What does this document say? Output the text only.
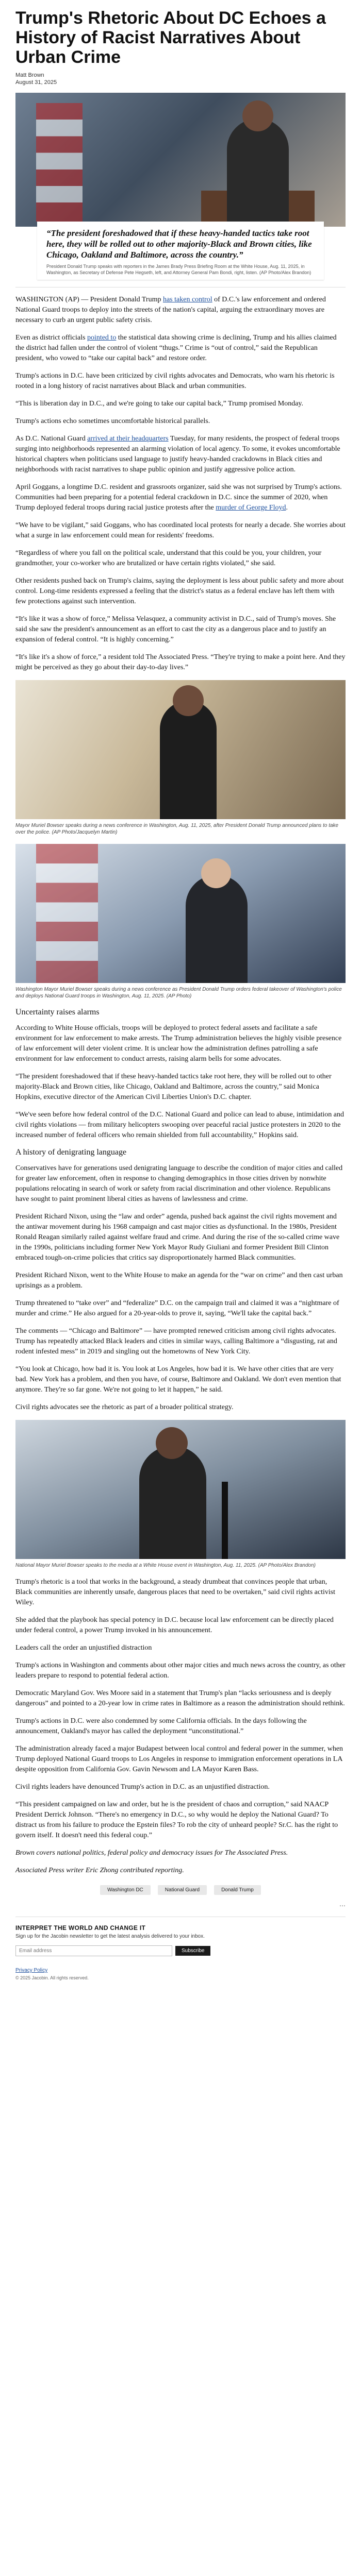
Trump's Rhetoric About DC Echoes a History of Racist Narratives About Urban Crime
Matt Brown
August 31, 2025

“The president foreshadowed that if these heavy-handed tactics take root here, they will be rolled out to other majority-Black and Brown cities, like Chicago, Oakland and Baltimore, across the country.”

President Donald Trump speaks with reporters in the James Brady Press Briefing Room at the White House, Aug. 11, 2025, in Washington, as Secretary of Defense Pete Hegseth, left, and Attorney General Pam Bondi, right, listen. (AP Photo/Alex Brandon)

WASHINGTON (AP) — President Donald Trump has taken control of D.C.'s law enforcement and ordered National Guard troops to deploy into the streets of the nation's capital, arguing the extraordinary moves are necessary to curb an urgent public safety crisis.

Even as district officials pointed to the statistical data showing crime is declining, Trump and his allies claimed the district had fallen under the control of violent “thugs.” Crime is “out of control,” said the Republican president, who vowed to “take our capital back” and restore order.

Trump's actions in D.C. have been criticized by civil rights advocates and Democrats, who warn his rhetoric is rooted in a long history of racist narratives about Black and urban communities.

“This is liberation day in D.C., and we're going to take our capital back,” Trump promised Monday.

Trump's actions echo sometimes uncomfortable historical parallels.

As D.C. National Guard arrived at their headquarters Tuesday, for many residents, the prospect of federal troops surging into neighborhoods represented an alarming violation of local agency. To some, it evokes uncomfortable historical chapters when politicians used language to justify heavy-handed crackdowns in Black cities and neighborhoods with racist narratives to shape public opinion and justify aggressive police action.

April Goggans, a longtime D.C. resident and grassroots organizer, said she was not surprised by Trump's actions. Communities had been preparing for a potential federal crackdown in D.C. since the summer of 2020, when Trump deployed federal troops during racial justice protests after the murder of George Floyd.

“We have to be vigilant,” said Goggans, who has coordinated local protests for nearly a decade. She worries about what a surge in law enforcement could mean for residents' freedoms.

“Regardless of where you fall on the political scale, understand that this could be you, your children, your grandmother, your co-worker who are brutalized or have certain rights violated,” she said.

Other residents pushed back on Trump's claims, saying the deployment is less about public safety and more about control. Long-time residents expressed a feeling that the district's status as a federal enclave has left them with few protections against such intervention.

“It's like it was a show of force,” Melissa Velasquez, a community activist in D.C., said of Trump's moves. She said she saw the president's announcement as an effort to cast the city as a dangerous place and to justify an expansion of federal control. “It is highly concerning.”

“It's like it's a show of force,” a resident told The Associated Press. “They're trying to make a point here. And they might be perceived as they go about their day-to-day lives.”

Mayor Muriel Bowser speaks during a news conference in Washington, Aug. 11, 2025, after President Donald Trump announced plans to take over the police. (AP Photo/Jacquelyn Martin)

Washington Mayor Muriel Bowser speaks during a news conference as President Donald Trump orders federal takeover of Washington's police and deploys National Guard troops in Washington, Aug. 11, 2025. (AP Photo)

Uncertainty raises alarms

According to White House officials, troops will be deployed to protect federal assets and facilitate a safe environment for law enforcement to make arrests. The Trump administration believes the highly visible presence of law enforcement will deter violent crime. It is unclear how the administration defines patrolling a safe environment for law enforcement to conduct arrests, raising alarm bells for some advocates.

“The president foreshadowed that if these heavy-handed tactics take root here, they will be rolled out to other majority-Black and Brown cities, like Chicago, Oakland and Baltimore, across the country,” said Monica Hopkins, executive director of the American Civil Liberties Union's D.C. chapter.

“We've seen before how federal control of the D.C. National Guard and police can lead to abuse, intimidation and civil rights violations — from military helicopters swooping over peaceful racial justice protesters in 2020 to the increased number of federal officers who remain shielded from full accountability,” Hopkins said.

A history of denigrating language

Conservatives have for generations used denigrating language to describe the condition of major cities and called for greater law enforcement, often in response to changing demographics in those cities driven by nonwhite populations relocating in search of work or safety from racial discrimination and other violence. Republicans have sought to paint prominent liberal cities as havens of lawlessness and crime.

President Richard Nixon, using the “law and order” agenda, pushed back against the civil rights movement and the antiwar movement during his 1968 campaign and cast major cities as dysfunctional. In the 1980s, President Ronald Reagan similarly railed against welfare fraud and crime. And during the rise of the so-called crime wave in the 1990s, politicians including former New York Mayor Rudy Giuliani and former President Bill Clinton embraced tough-on-crime policies that critics say disproportionately harmed Black communities.

President Richard Nixon, went to the White House to make an agenda for the “war on crime” and then cast urban uprisings as a problem.

Trump threatened to “take over” and “federalize” D.C. on the campaign trail and claimed it was a “nightmare of murder and crime.” He also argued for a 20-year-olds to prove it, saying, “We'll take the capital back.”

The comments — “Chicago and Baltimore” — have prompted renewed criticism among civil rights advocates. Trump has repeatedly attacked Black leaders and cities in similar ways, calling Baltimore a “disgusting, rat and rodent infested mess” in 2019 and singling out the hometowns of New York City.

“You look at Chicago, how bad it is. You look at Los Angeles, how bad it is. We have other cities that are very bad. New York has a problem, and then you have, of course, Baltimore and Oakland. We don't even mention that anymore. They're so far gone. We're not going to let it happen,” he said.

Civil rights advocates see the rhetoric as part of a broader political strategy.

National Mayor Muriel Bowser speaks to the media at a White House event in Washington, Aug. 11, 2025. (AP Photo/Alex Brandon)

Trump's rhetoric is a tool that works in the background, a steady drumbeat that convinces people that urban, Black communities are inherently unsafe, dangerous places that need to be overtaken,” said civil rights activist Wiley.

She added that the playbook has special potency in D.C. because local law enforcement can be directly placed under federal control, a power Trump invoked in his announcement.

Leaders call the order an unjustified distraction

Trump's actions in Washington and comments about other major cities and much news across the country, as other leaders prepare to respond to potential federal action.

Democratic Maryland Gov. Wes Moore said in a statement that Trump's plan “lacks seriousness and is deeply dangerous” and pointed to a 20-year low in crime rates in Baltimore as a reason the administration should rethink.

Trump's actions in D.C. were also condemned by some California officials. In the days following the announcement, Oakland's mayor has called the deployment “unconstitutional.”

The administration already faced a major Budapest between local control and federal power in the summer, when Trump deployed National Guard troops to Los Angeles in response to immigration enforcement operations in LA despite opposition from California Gov. Gavin Newsom and LA Mayor Karen Bass.

Civil rights leaders have denounced Trump's action in D.C. as an unjustified distraction.

“This president campaigned on law and order, but he is the president of chaos and corruption,” said NAACP President Derrick Johnson. “There's no emergency in D.C., so why would he deploy the National Guard? To distract us from his failure to produce the Epstein files? To rob the city of unheard people? Sr.C. has the right to govern itself. It doesn't need this federal coup.”

Brown covers national politics, federal policy and democracy issues for The Associated Press.

Associated Press writer Eric Zhong contributed reporting.

Washington DC	National Guard	Donald Trump
⋯
INTERPRET THE WORLD AND CHANGE IT
Sign up for the Jacobin newsletter to get the latest analysis delivered to your inbox.
Email address
Subscribe
Privacy Policy

© 2025 Jacobin. All rights reserved.
